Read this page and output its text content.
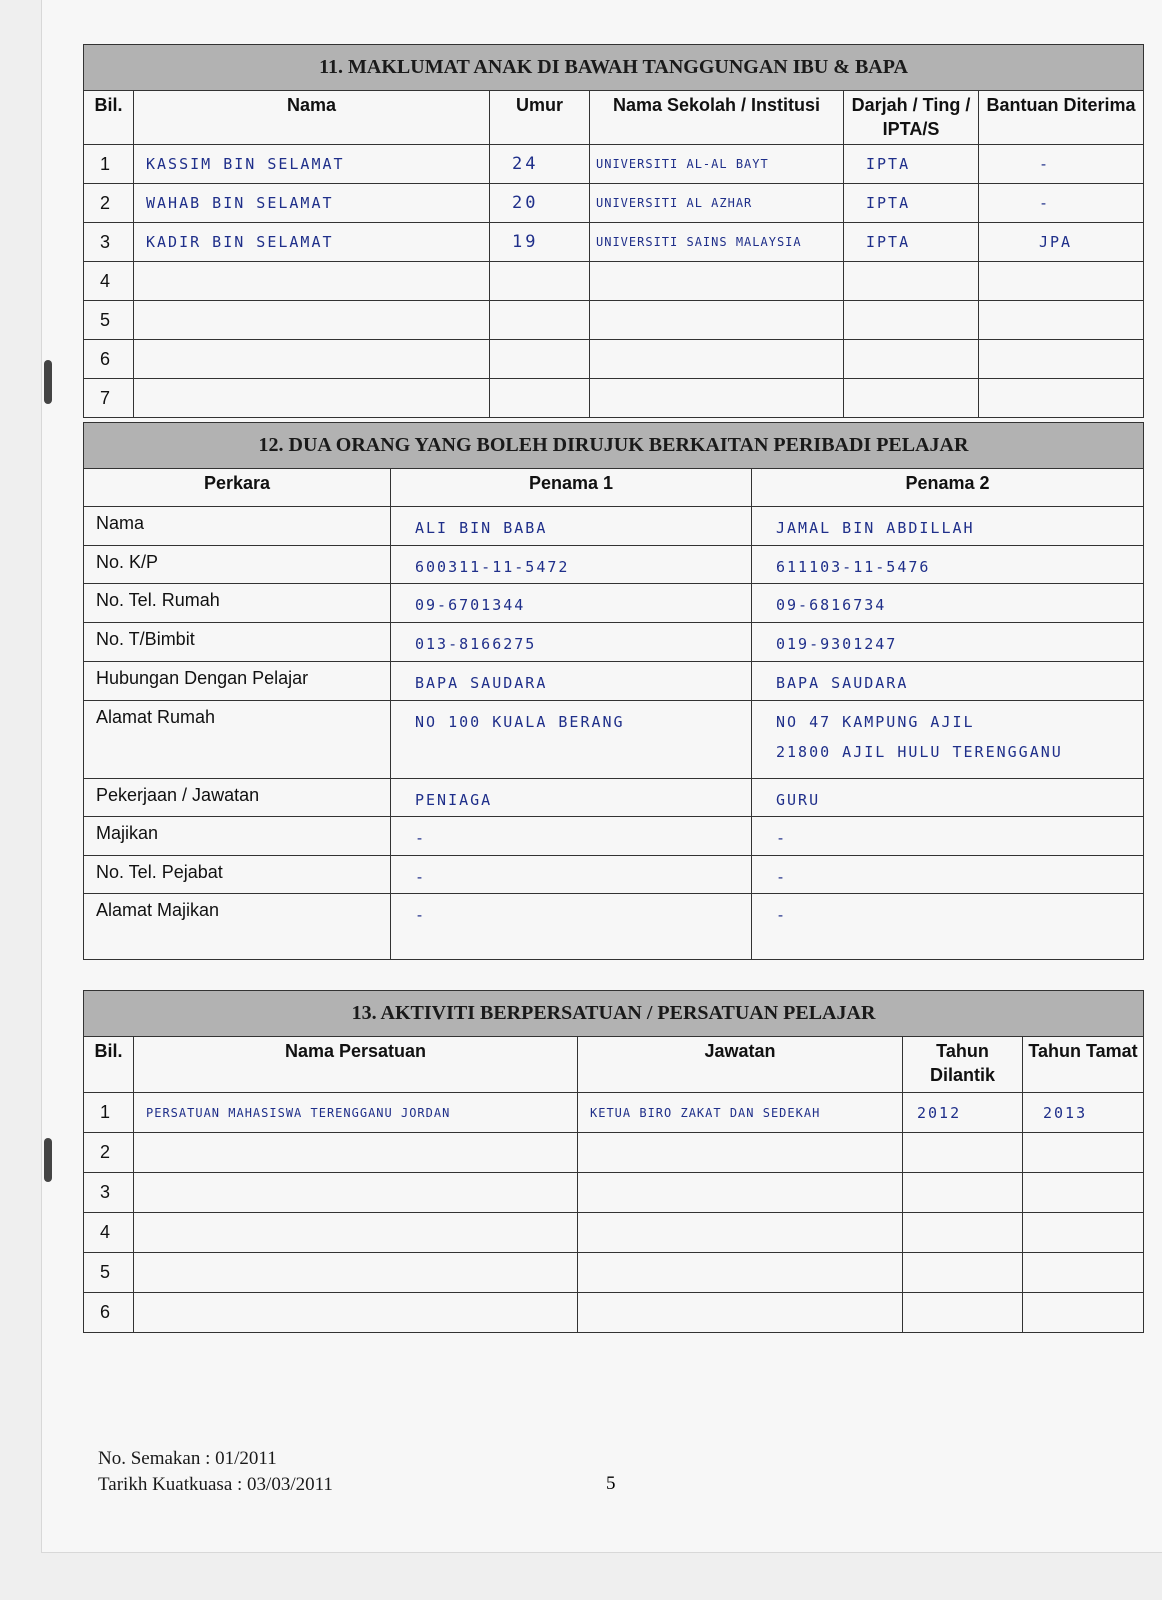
11. MAKLUMAT ANAK DI BAWAH TANGGUNGAN IBU & BAPA					
Bil.	Nama	Umur	Nama Sekolah / Institusi	Darjah / Ting / IPTA/S	Bantuan Diterima
1	KASSIM BIN SELAMAT	24	UNIVERSITI AL-AL BAYT	IPTA	-
2	WAHAB BIN SELAMAT	20	UNIVERSITI AL AZHAR	IPTA	-
3	KADIR BIN SELAMAT	19	UNIVERSITI SAINS MALAYSIA	IPTA	JPA
4					
5					
6					
7					
12. DUA ORANG YANG BOLEH DIRUJUK BERKAITAN PERIBADI PELAJAR		
Perkara	Penama 1	Penama 2
Nama	ALI BIN BABA	JAMAL BIN ABDILLAH

No. K/P	600311-11-5472	611103-11-5476

No. Tel. Rumah	09-6701344	09-6816734

No. T/Bimbit	013-8166275	019-9301247

Hubungan Dengan Pelajar	BAPA SAUDARA	BAPA SAUDARA

Alamat Rumah	NO 100 KUALA BERANG	NO 47 KAMPUNG AJIL
21800 AJIL HULU TERENGGANU

Pekerjaan / Jawatan	PENIAGA	GURU

Majikan	-	-

No. Tel. Pejabat	-	-

Alamat Majikan	-	-
13. AKTIVITI BERPERSATUAN / PERSATUAN PELAJAR				
Bil.	Nama Persatuan	Jawatan	Tahun Dilantik	Tahun Tamat
1	PERSATUAN MAHASISWA TERENGGANU JORDAN	KETUA BIRO ZAKAT DAN SEDEKAH	2012	2013
2				
3				
4				
5				
6				
No. Semakan : 01/2011
Tarikh Kuatkuasa : 03/03/2011	5
